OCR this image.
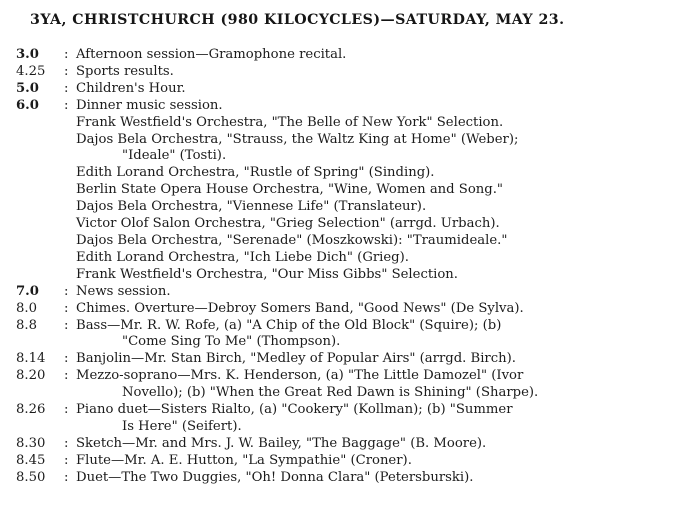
3YA, CHRISTCHURCH (980 KILOCYCLES)—SATURDAY, MAY 23.
3.0	: Afternoon session—Gramophone recital.
4.25	: Sports results.
5.0	: Children's Hour.
6.0	: Dinner music session.
Frank Westfield's Orchestra, "The Belle of New York" Selection.
Dajos Bela Orchestra, "Strauss, the Waltz King at Home" (Weber);
"Ideale" (Tosti).
Edith Lorand Orchestra, "Rustle of Spring" (Sinding).
Berlin State Opera House Orchestra, "Wine, Women and Song."
Dajos Bela Orchestra, "Viennese Life" (Translateur).
Victor Olof Salon Orchestra, "Grieg Selection" (arrgd. Urbach).
Dajos Bela Orchestra, "Serenade" (Moszkowski): "Traumideale."
Edith Lorand Orchestra, "Ich Liebe Dich" (Grieg).
Frank Westfield's Orchestra, "Our Miss Gibbs" Selection.
7.0	: News session.
8.0	: Chimes. Overture—Debroy Somers Band, "Good News" (De Sylva).
8.8	: Bass—Mr. R. W. Rofe, (a) "A Chip of the Old Block" (Squire); (b)
"Come Sing To Me" (Thompson).
8.14	: Banjolin—Mr. Stan Birch, "Medley of Popular Airs" (arrgd. Birch).
8.20	: Mezzo-soprano—Mrs. K. Henderson, (a) "The Little Damozel" (Ivor
Novello); (b) "When the Great Red Dawn is Shining" (Sharpe).
8.26	: Piano duet—Sisters Rialto, (a) "Cookery" (Kollman); (b) "Summer
Is Here" (Seifert).
8.30	: Sketch—Mr. and Mrs. J. W. Bailey, "The Baggage" (B. Moore).
8.45	: Flute—Mr. A. E. Hutton, "La Sympathie" (Croner).
8.50	: Duet—The Two Duggies, "Oh! Donna Clara" (Petersburski).
